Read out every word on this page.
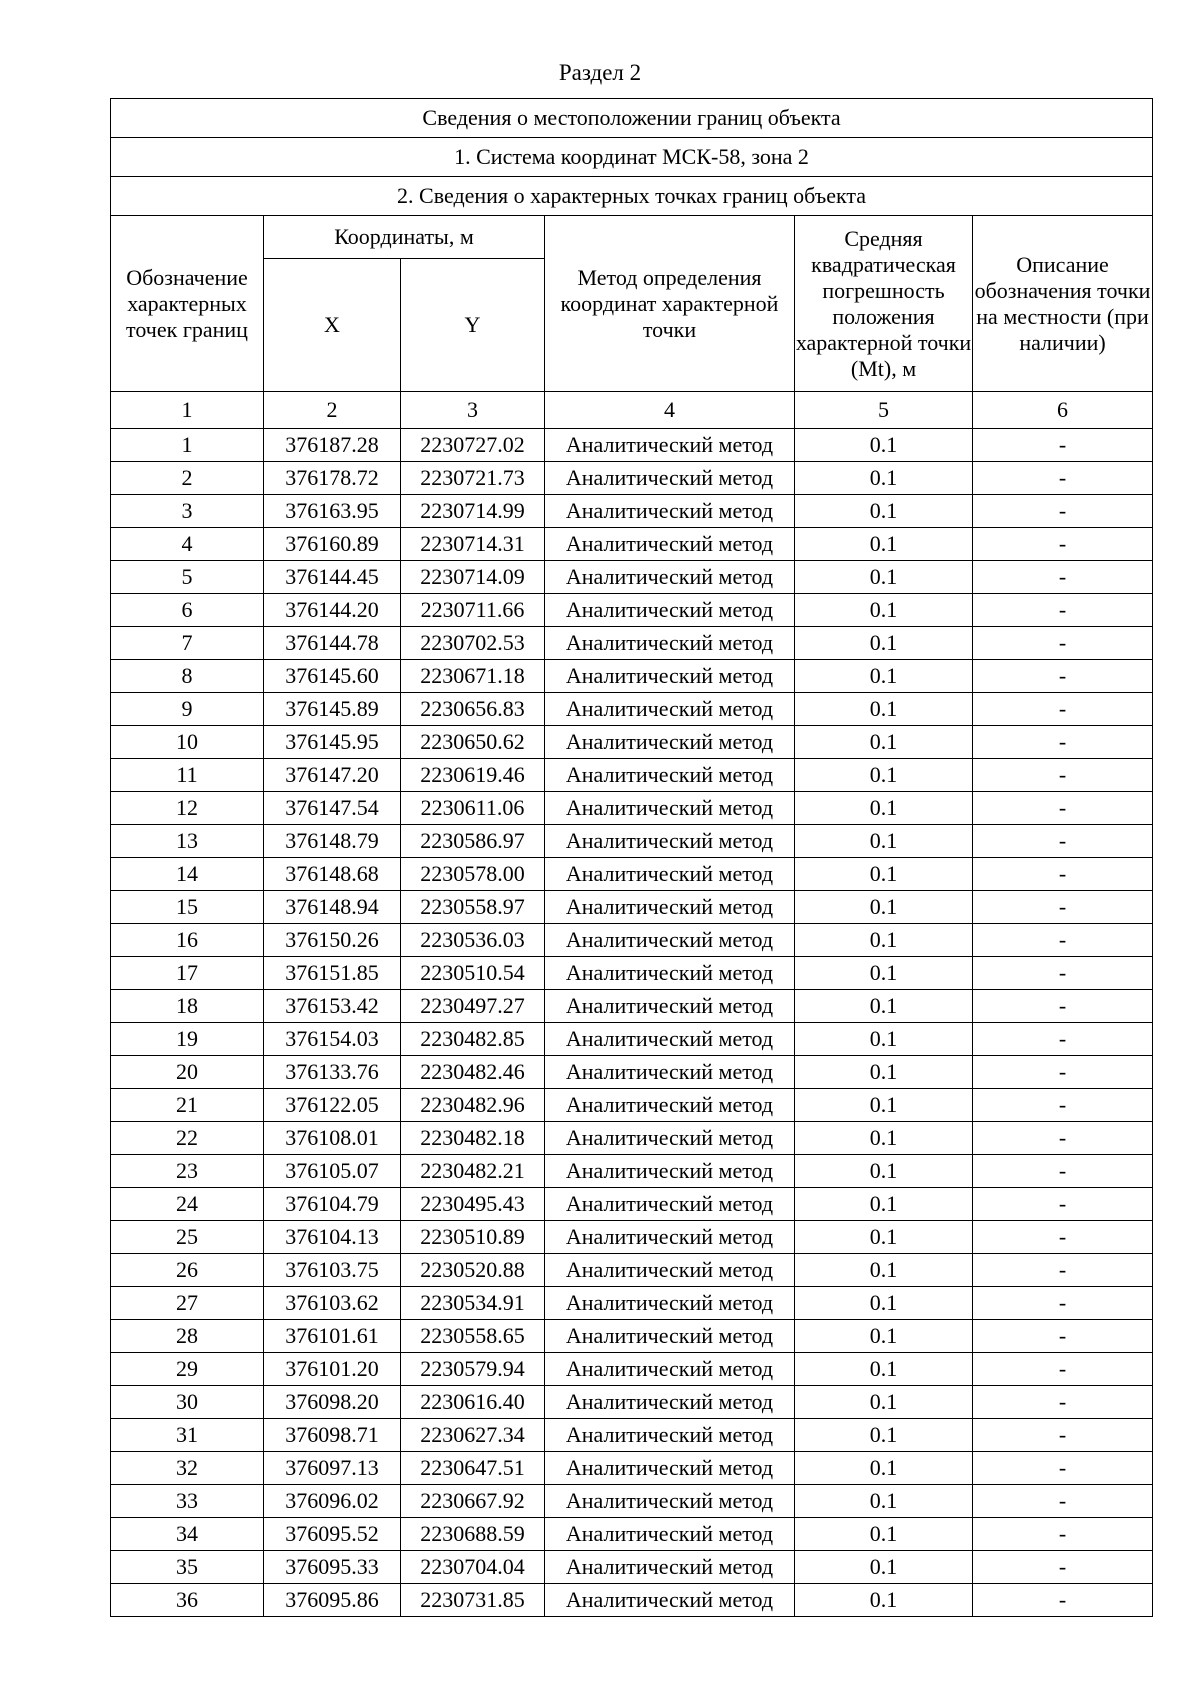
Раздел 2
Сведения о местоположении границ объекта					
1. Система координат МСК-58, зона 2					
2. Сведения о характерных точках границ объекта					
Обозначение характерных точек границ	Координаты, м		Метод определения координат характерной точки	Средняя квадратическая погрешность положения характерной точки (Mt), м	Описание обозначения точки на местности (при наличии)
	X	Y			
1	2	3	4	5	6
1	376187.28	2230727.02	Аналитический метод	0.1	-
2	376178.72	2230721.73	Аналитический метод	0.1	-
3	376163.95	2230714.99	Аналитический метод	0.1	-
4	376160.89	2230714.31	Аналитический метод	0.1	-
5	376144.45	2230714.09	Аналитический метод	0.1	-
6	376144.20	2230711.66	Аналитический метод	0.1	-
7	376144.78	2230702.53	Аналитический метод	0.1	-
8	376145.60	2230671.18	Аналитический метод	0.1	-
9	376145.89	2230656.83	Аналитический метод	0.1	-
10	376145.95	2230650.62	Аналитический метод	0.1	-
11	376147.20	2230619.46	Аналитический метод	0.1	-
12	376147.54	2230611.06	Аналитический метод	0.1	-
13	376148.79	2230586.97	Аналитический метод	0.1	-
14	376148.68	2230578.00	Аналитический метод	0.1	-
15	376148.94	2230558.97	Аналитический метод	0.1	-
16	376150.26	2230536.03	Аналитический метод	0.1	-
17	376151.85	2230510.54	Аналитический метод	0.1	-
18	376153.42	2230497.27	Аналитический метод	0.1	-
19	376154.03	2230482.85	Аналитический метод	0.1	-
20	376133.76	2230482.46	Аналитический метод	0.1	-
21	376122.05	2230482.96	Аналитический метод	0.1	-
22	376108.01	2230482.18	Аналитический метод	0.1	-
23	376105.07	2230482.21	Аналитический метод	0.1	-
24	376104.79	2230495.43	Аналитический метод	0.1	-
25	376104.13	2230510.89	Аналитический метод	0.1	-
26	376103.75	2230520.88	Аналитический метод	0.1	-
27	376103.62	2230534.91	Аналитический метод	0.1	-
28	376101.61	2230558.65	Аналитический метод	0.1	-
29	376101.20	2230579.94	Аналитический метод	0.1	-
30	376098.20	2230616.40	Аналитический метод	0.1	-
31	376098.71	2230627.34	Аналитический метод	0.1	-
32	376097.13	2230647.51	Аналитический метод	0.1	-
33	376096.02	2230667.92	Аналитический метод	0.1	-
34	376095.52	2230688.59	Аналитический метод	0.1	-
35	376095.33	2230704.04	Аналитический метод	0.1	-
36	376095.86	2230731.85	Аналитический метод	0.1	-
